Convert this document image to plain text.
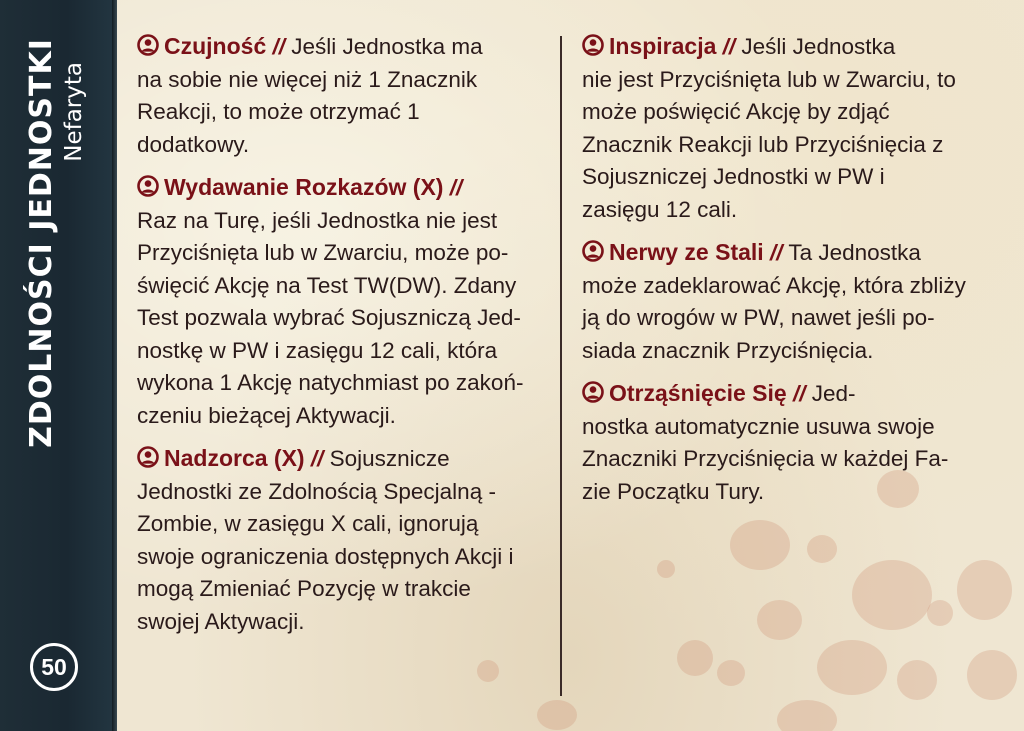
ZDOLNOŚCI JEDNOSTKI Nefaryta
50
Czujność // Jeśli Jednostka ma
na sobie nie więcej niż 1 Znacznik
Reakcji, to może otrzymać 1
dodatkowy.
Wydawanie Rozkazów (X) //
Raz na Turę, jeśli Jednostka nie jest
Przyciśnięta lub w Zwarciu, może po-
święcić Akcję na Test TW(DW). Zdany
Test pozwala wybrać Sojuszniczą Jed-
nostkę w PW i zasięgu 12 cali, która
wykona 1 Akcję natychmiast po zakoń-
czeniu bieżącej Aktywacji.
Nadzorca (X) // Sojusznicze
Jednostki ze Zdolnością Specjalną -
Zombie, w zasięgu X cali, ignorują
swoje ograniczenia dostępnych Akcji i
mogą Zmieniać Pozycję w trakcie
swojej Aktywacji.
Inspiracja // Jeśli Jednostka
nie jest Przyciśnięta lub w Zwarciu, to
może poświęcić Akcję by zdjąć
Znacznik Reakcji lub Przyciśnięcia z
Sojuszniczej Jednostki w PW i
zasięgu 12 cali.
Nerwy ze Stali // Ta Jednostka
może zadeklarować Akcję, która zbliży
ją do wrogów w PW, nawet jeśli po-
siada znacznik Przyciśnięcia.
Otrząśnięcie Się // Jed-
nostka automatycznie usuwa swoje
Znaczniki Przyciśnięcia w każdej Fa-
zie Początku Tury.
